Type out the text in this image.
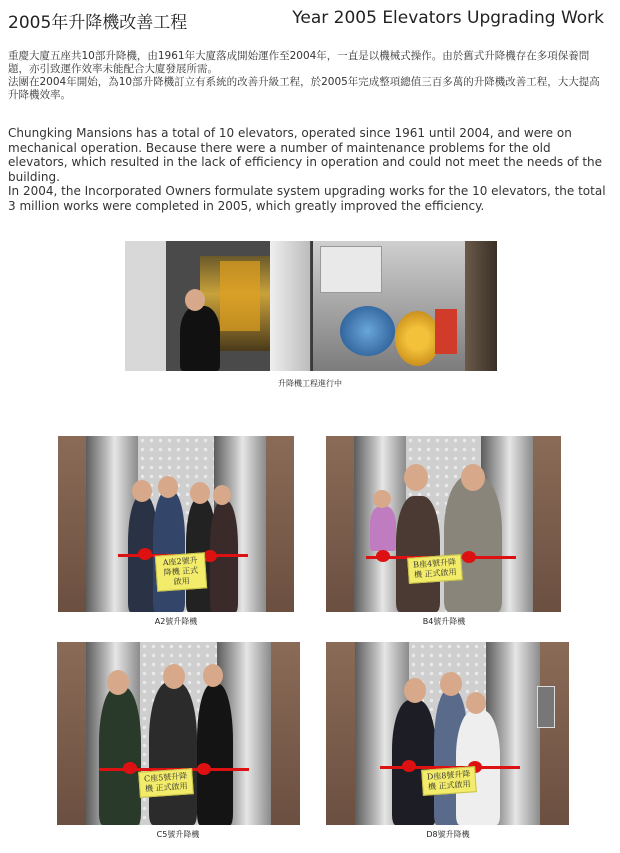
2005年升降機改善工程	Year 2005 Elevators Upgrading Work

重慶大廈五座共10部升降機，由1961年大廈落成開始運作至2004年，一直是以機械式操作。由於舊式升降機存在多項保養問題，亦引致運作效率未能配合大廈發展所需。

法團在2004年開始，為10部升降機訂立有系統的改善升級工程，於2005年完成整項總值三百多萬的升降機改善工程，大大提高升降機效率。

Chungking Mansions has a total of 10 elevators, operated since 1961 until 2004, and were on mechanical operation. Because there were a number of maintenance problems for the old elevators, which resulted in the lack of efficiency in operation and could not meet the needs of the building.

In 2004, the Incorporated Owners formulate system upgrading works for the 10 elevators, the total 3 million works were completed in 2005, which greatly improved the efficiency.

升降機工程進行中
A座2號升降機 正式啟用
A2號升降機
B座4號升降機 正式啟用
B4號升降機
C座5號升降機 正式啟用
C5號升降機
D座8號升降機 正式啟用
D8號升降機
